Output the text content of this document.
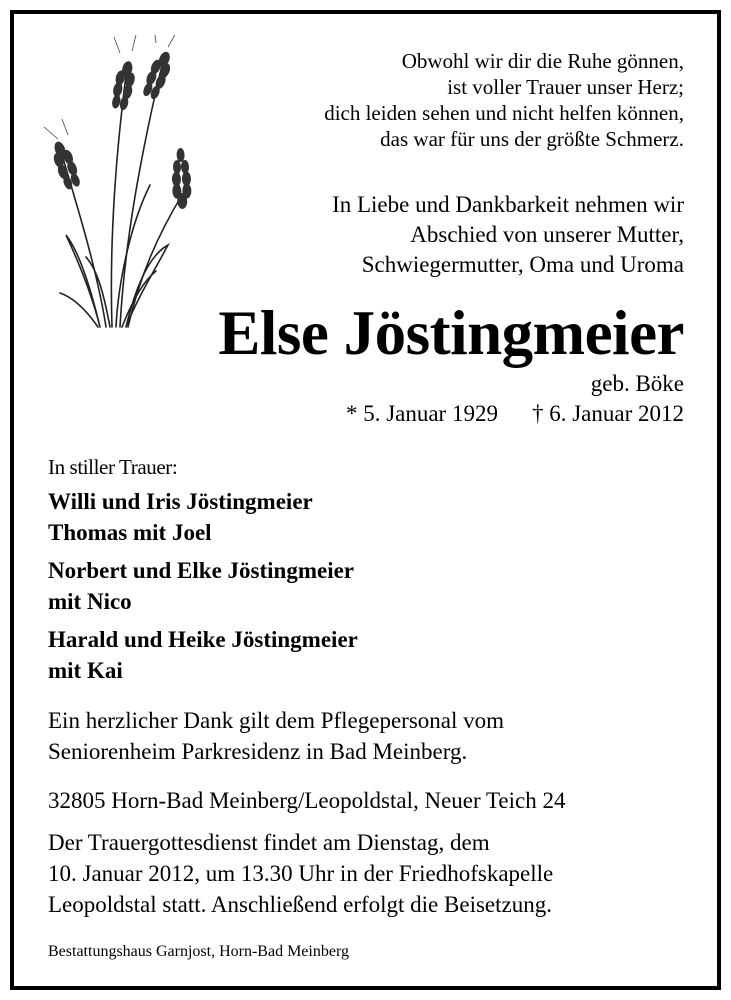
Obwohl wir dir die Ruhe gönnen,
ist voller Trauer unser Herz;
dich leiden sehen und nicht helfen können,
das war für uns der größte Schmerz.
In Liebe und Dankbarkeit nehmen wir
Abschied von unserer Mutter,
Schwiegermutter, Oma und Uroma
Else Jöstingmeier
geb. Böke
* 5. Januar 1929 † 6. Januar 2012
In stiller Trauer:
Willi und Iris Jöstingmeier
Thomas mit Joel
Norbert und Elke Jöstingmeier
mit Nico
Harald und Heike Jöstingmeier
mit Kai
Ein herzlicher Dank gilt dem Pflegepersonal vom
Seniorenheim Parkresidenz in Bad Meinberg.
32805 Horn-Bad Meinberg/Leopoldstal, Neuer Teich 24
Der Trauergottesdienst findet am Dienstag, dem
10. Januar 2012, um 13.30 Uhr in der Friedhofskapelle
Leopoldstal statt. Anschließend erfolgt die Beisetzung.
Bestattungshaus Garnjost, Horn-Bad Meinberg
